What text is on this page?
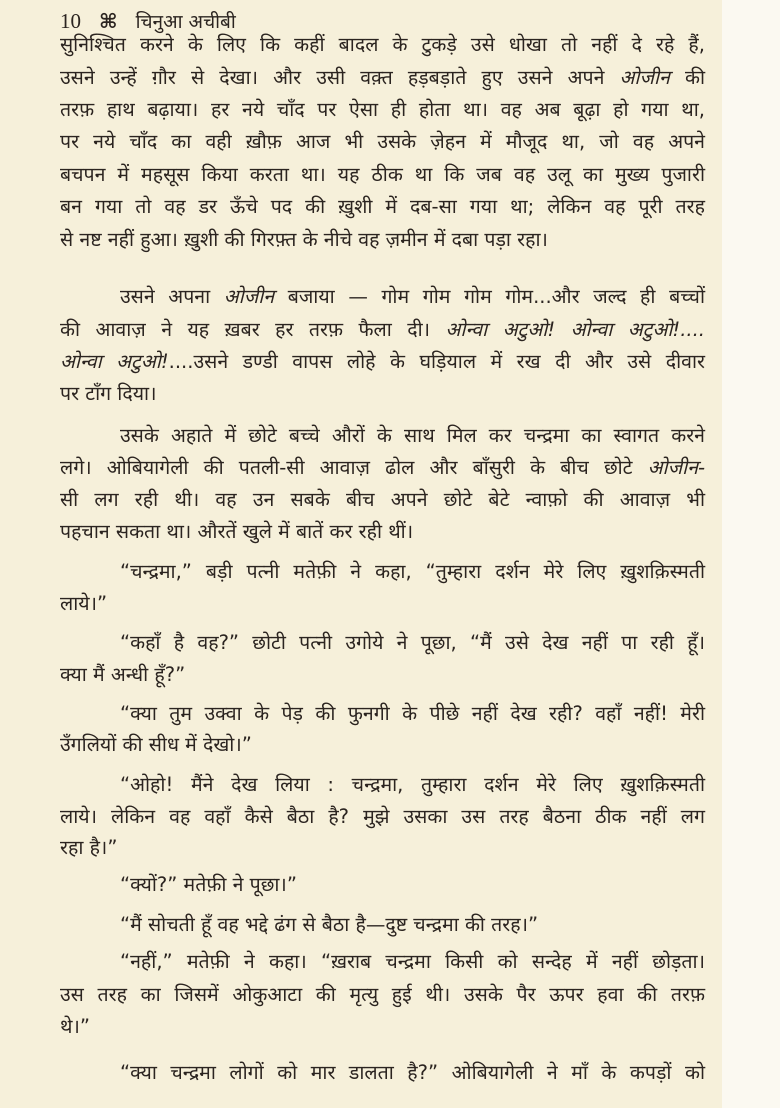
10 ⌘ चिनुआ अचीबी
सुनिश्चित करने के लिए कि कहीं बादल के टुकड़े उसे धोखा तो नहीं दे रहे हैं,
उसने उन्हें ग़ौर से देखा। और उसी वक़्त हड़बड़ाते हुए उसने अपने ओजीन की
तरफ़ हाथ बढ़ाया। हर नये चाँद पर ऐसा ही होता था। वह अब बूढ़ा हो गया था,
पर नये चाँद का वही ख़ौफ़ आज भी उसके ज़ेहन में मौजूद था, जो वह अपने
बचपन में महसूस किया करता था। यह ठीक था कि जब वह उलू का मुख्य पुजारी
बन गया तो वह डर ऊँचे पद की ख़ुशी में दब-सा गया था; लेकिन वह पूरी तरह
से नष्ट नहीं हुआ। ख़ुशी की गिरफ़्त के नीचे वह ज़मीन में दबा पड़ा रहा।
उसने अपना ओजीन बजाया — गोम गोम गोम गोम...और जल्द ही बच्चों
की आवाज़ ने यह ख़बर हर तरफ़ फैला दी। ओन्वा अटुओ! ओन्वा अटुओ!....
ओन्वा अटुओ!....उसने डण्डी वापस लोहे के घड़ियाल में रख दी और उसे दीवार
पर टाँग दिया।
उसके अहाते में छोटे बच्चे औरों के साथ मिल कर चन्द्रमा का स्वागत करने
लगे। ओबियागेली की पतली-सी आवाज़ ढोल और बाँसुरी के बीच छोटे ओजीन-
सी लग रही थी। वह उन सबके बीच अपने छोटे बेटे न्वाफ़ो की आवाज़ भी
पहचान सकता था। औरतें खुले में बातें कर रही थीं।
“चन्द्रमा,” बड़ी पत्नी मतेफ़ी ने कहा, “तुम्हारा दर्शन मेरे लिए ख़ुशक़िस्मती
लाये।”
“कहाँ है वह?” छोटी पत्नी उगोये ने पूछा, “मैं उसे देख नहीं पा रही हूँ।
क्या मैं अन्धी हूँ?”
“क्या तुम उक्वा के पेड़ की फुनगी के पीछे नहीं देख रही? वहाँ नहीं! मेरी
उँगलियों की सीध में देखो।”
“ओहो! मैंने देख लिया : चन्द्रमा, तुम्हारा दर्शन मेरे लिए ख़ुशक़िस्मती
लाये। लेकिन वह वहाँ कैसे बैठा है? मुझे उसका उस तरह बैठना ठीक नहीं लग
रहा है।”
“क्यों?” मतेफ़ी ने पूछा।”
“मैं सोचती हूँ वह भद्दे ढंग से बैठा है—दुष्ट चन्द्रमा की तरह।”
“नहीं,” मतेफ़ी ने कहा। “ख़राब चन्द्रमा किसी को सन्देह में नहीं छोड़ता।
उस तरह का जिसमें ओकुआटा की मृत्यु हुई थी। उसके पैर ऊपर हवा की तरफ़
थे।”
“क्या चन्द्रमा लोगों को मार डालता है?” ओबियागेली ने माँ के कपड़ों को
